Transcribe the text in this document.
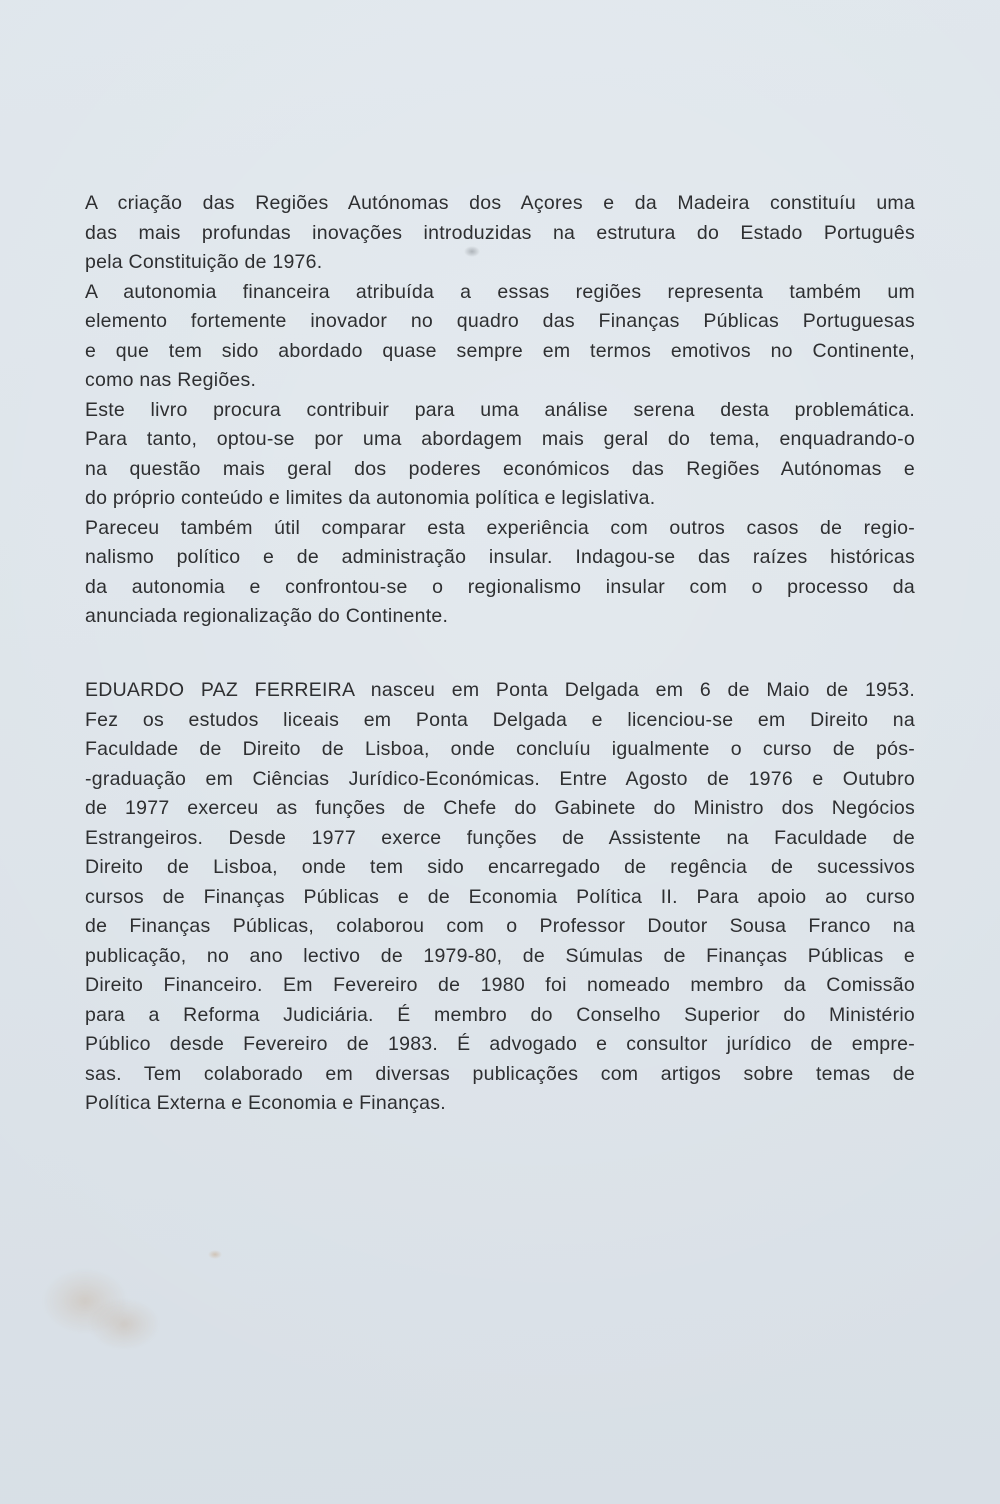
A criação das Regiões Autónomas dos Açores e da Madeira constituíu uma
das mais profundas inovações introduzidas na estrutura do Estado Português
pela Constituição de 1976.
A autonomia financeira atribuída a essas regiões representa também um
elemento fortemente inovador no quadro das Finanças Públicas Portuguesas
e que tem sido abordado quase sempre em termos emotivos no Continente,
como nas Regiões.
Este livro procura contribuir para uma análise serena desta problemática.
Para tanto, optou-se por uma abordagem mais geral do tema, enquadrando-o
na questão mais geral dos poderes económicos das Regiões Autónomas e
do próprio conteúdo e limites da autonomia política e legislativa.
Pareceu também útil comparar esta experiência com outros casos de regio-
nalismo político e de administração insular. Indagou-se das raízes históricas
da autonomia e confrontou-se o regionalismo insular com o processo da
anunciada regionalização do Continente.
EDUARDO PAZ FERREIRA nasceu em Ponta Delgada em 6 de Maio de 1953.
Fez os estudos liceais em Ponta Delgada e licenciou-se em Direito na
Faculdade de Direito de Lisboa, onde concluíu igualmente o curso de pós-
-graduação em Ciências Jurídico-Económicas. Entre Agosto de 1976 e Outubro
de 1977 exerceu as funções de Chefe do Gabinete do Ministro dos Negócios
Estrangeiros. Desde 1977 exerce funções de Assistente na Faculdade de
Direito de Lisboa, onde tem sido encarregado de regência de sucessivos
cursos de Finanças Públicas e de Economia Política II. Para apoio ao curso
de Finanças Públicas, colaborou com o Professor Doutor Sousa Franco na
publicação, no ano lectivo de 1979-80, de Súmulas de Finanças Públicas e
Direito Financeiro. Em Fevereiro de 1980 foi nomeado membro da Comissão
para a Reforma Judiciária. É membro do Conselho Superior do Ministério
Público desde Fevereiro de 1983. É advogado e consultor jurídico de empre-
sas. Tem colaborado em diversas publicações com artigos sobre temas de
Política Externa e Economia e Finanças.
